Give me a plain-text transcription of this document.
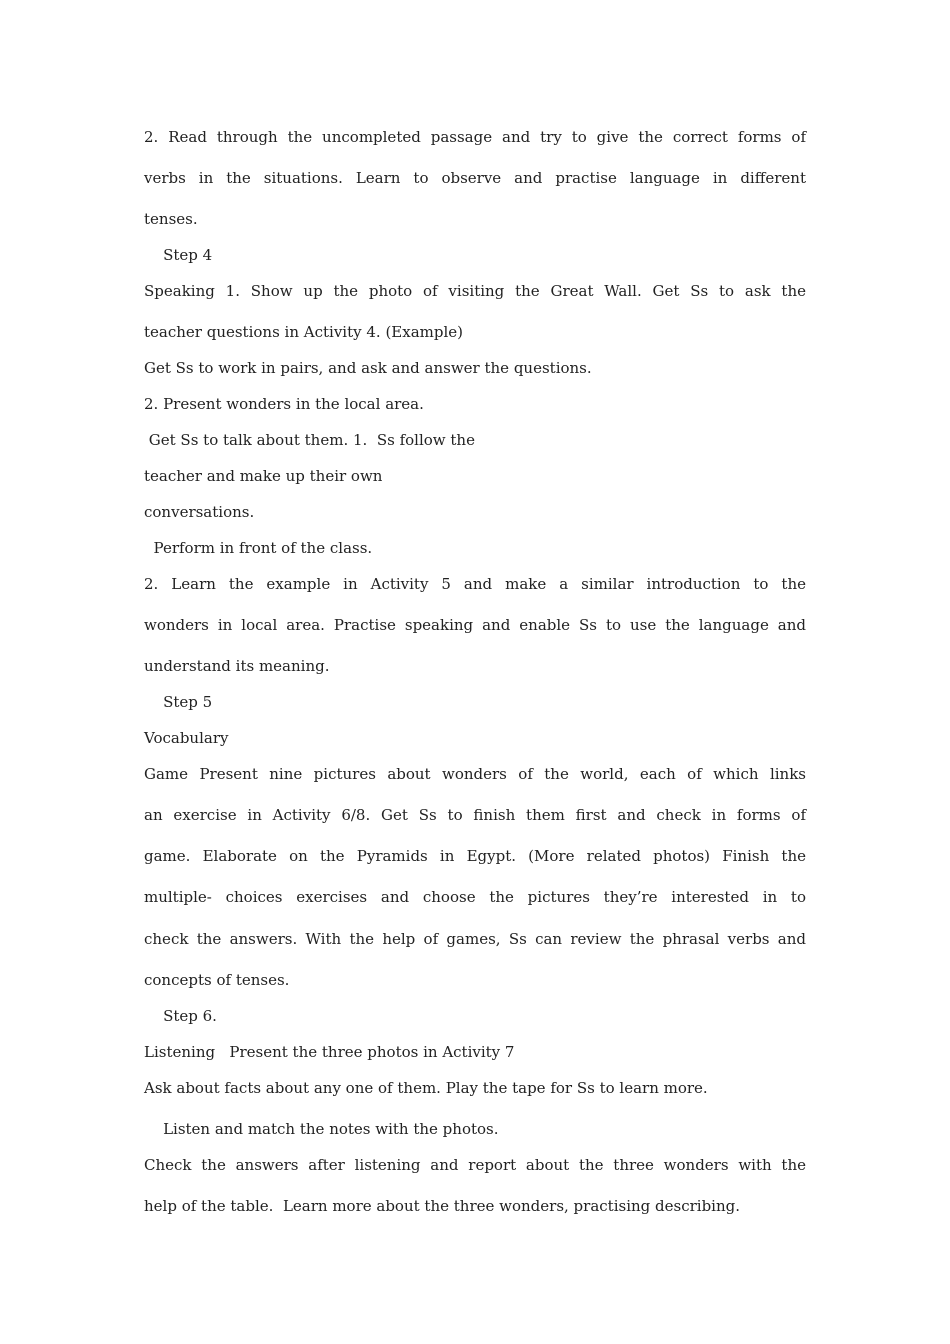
2. Read through the uncompleted passage and try to give the correct forms of
verbs in the situations. Learn to observe and practise language in different
tenses.
Step 4
Speaking 1. Show up the photo of visiting the Great Wall. Get Ss to ask the
teacher questions in Activity 4. (Example)
Get Ss to work in pairs, and ask and answer the questions.
2. Present wonders in the local area.
Get Ss to talk about them. 1.  Ss follow the
teacher and make up their own
conversations.
Perform in front of the class.
2. Learn the example in Activity 5 and make a similar introduction to the
wonders in local area. Practise speaking and enable Ss to use the language and
understand its meaning.
Step 5
Vocabulary
Game Present nine pictures about wonders of the world, each of which links
an exercise in Activity 6/8. Get Ss to finish them first and check in forms of
game. Elaborate on the Pyramids in Egypt. (More related photos) Finish the
multiple- choices exercises and choose the pictures they’re interested in to
check the answers. With the help of games, Ss can review the phrasal verbs and
concepts of tenses.
Step 6.
Listening   Present the three photos in Activity 7
Ask about facts about any one of them. Play the tape for Ss to learn more.
Listen and match the notes with the photos.
Check the answers after listening and report about the three wonders with the
help of the table.  Learn more about the three wonders, practising describing.
